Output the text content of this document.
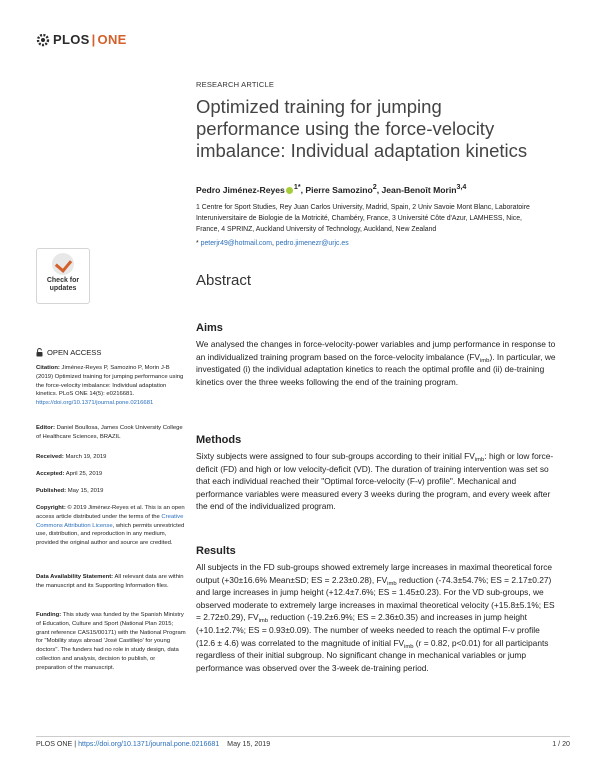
PLOS | ONE
RESEARCH ARTICLE
Optimized training for jumping performance using the force-velocity imbalance: Individual adaptation kinetics
Pedro Jiménez-Reyes $^{1*}$, Pierre Samozino$^2$, Jean-Benoît Morin$^{3,4}$
1 Centre for Sport Studies, Rey Juan Carlos University, Madrid, Spain, 2 Univ Savoie Mont Blanc, Laboratoire Interuniversitaire de Biologie de la Motricité, Chambéry, France, 3 Université Côte d'Azur, LAMHESS, Nice, France, 4 SPRINZ, Auckland University of Technology, Auckland, New Zealand
* peterjr49@hotmail.com, pedro.jimenezr@urjc.es
Abstract
Aims
We analysed the changes in force-velocity-power variables and jump performance in response to an individualized training program based on the force-velocity imbalance $(FV_{imb})$. In particular, we investigated (i) the individual adaptation kinetics to reach the optimal profile and (ii) de-training kinetics over the three weeks following the end of the training program.
Methods
Sixty subjects were assigned to four sub-groups according to their initial $FV_{imb}$: high or low force-deficit (FD) and high or low velocity-deficit (VD). The duration of training intervention was set so that each individual reached their "Optimal force-velocity (F-v) profile". Mechanical and performance variables were measured every 3 weeks during the program, and every week after the end of the individualized program.
Results
All subjects in the FD sub-groups showed extremely large increases in maximal theoretical force output (+30±16.6% Mean±SD; ES = 2.23±0.28), $FV_{imb}$ reduction (-74.3±54.7%; ES = 2.17±0.27) and large increases in jump height (+12.4±7.6%; ES = 1.45±0.23). For the VD sub-groups, we observed moderate to extremely large increases in maximal theoretical velocity (+15.8±5.1%; ES = 2.72±0.29), $FV_{imb}$ reduction (-19.2±6.9%; ES = 2.36±0.35) and increases in jump height (+10.1±2.7%; ES = 0.93±0.09). The number of weeks needed to reach the optimal F-v profile (12.6 ± 4.6) was correlated to the magnitude of initial $FV_{imb}$ (r = 0.82, p<0.01) for all participants regardless of their initial subgroup. No significant change in mechanical variables or jump performance was observed over the 3-week de-training period.
Check for
updates
OPEN ACCESS
Citation: Jiménez-Reyes P, Samozino P, Morin J-B (2019) Optimized training for jumping performance using the force-velocity imbalance: Individual adaptation kinetics. PLoS ONE 14(5): e0216681. https://doi.org/10.1371/journal.pone.0216681
Editor: Daniel Boullosa, James Cook University College of Healthcare Sciences, BRAZIL
Received: March 19, 2019
Accepted: April 25, 2019
Published: May 15, 2019
Copyright: © 2019 Jiménez-Reyes et al. This is an open access article distributed under the terms of the Creative Commons Attribution License, which permits unrestricted use, distribution, and reproduction in any medium, provided the original author and source are credited.
Data Availability Statement: All relevant data are within the manuscript and its Supporting Information files.
Funding: This study was funded by the Spanish Ministry of Education, Culture and Sport (National Plan 2015; grant reference CAS15/00171) with the National Program for "Mobility stays abroad 'José Castillejo' for young doctors". The funders had no role in study design, data collection and analysis, decision to publish, or preparation of the manuscript.
PLOS ONE | https://doi.org/10.1371/journal.pone.0216681 May 15, 2019	1 / 20
